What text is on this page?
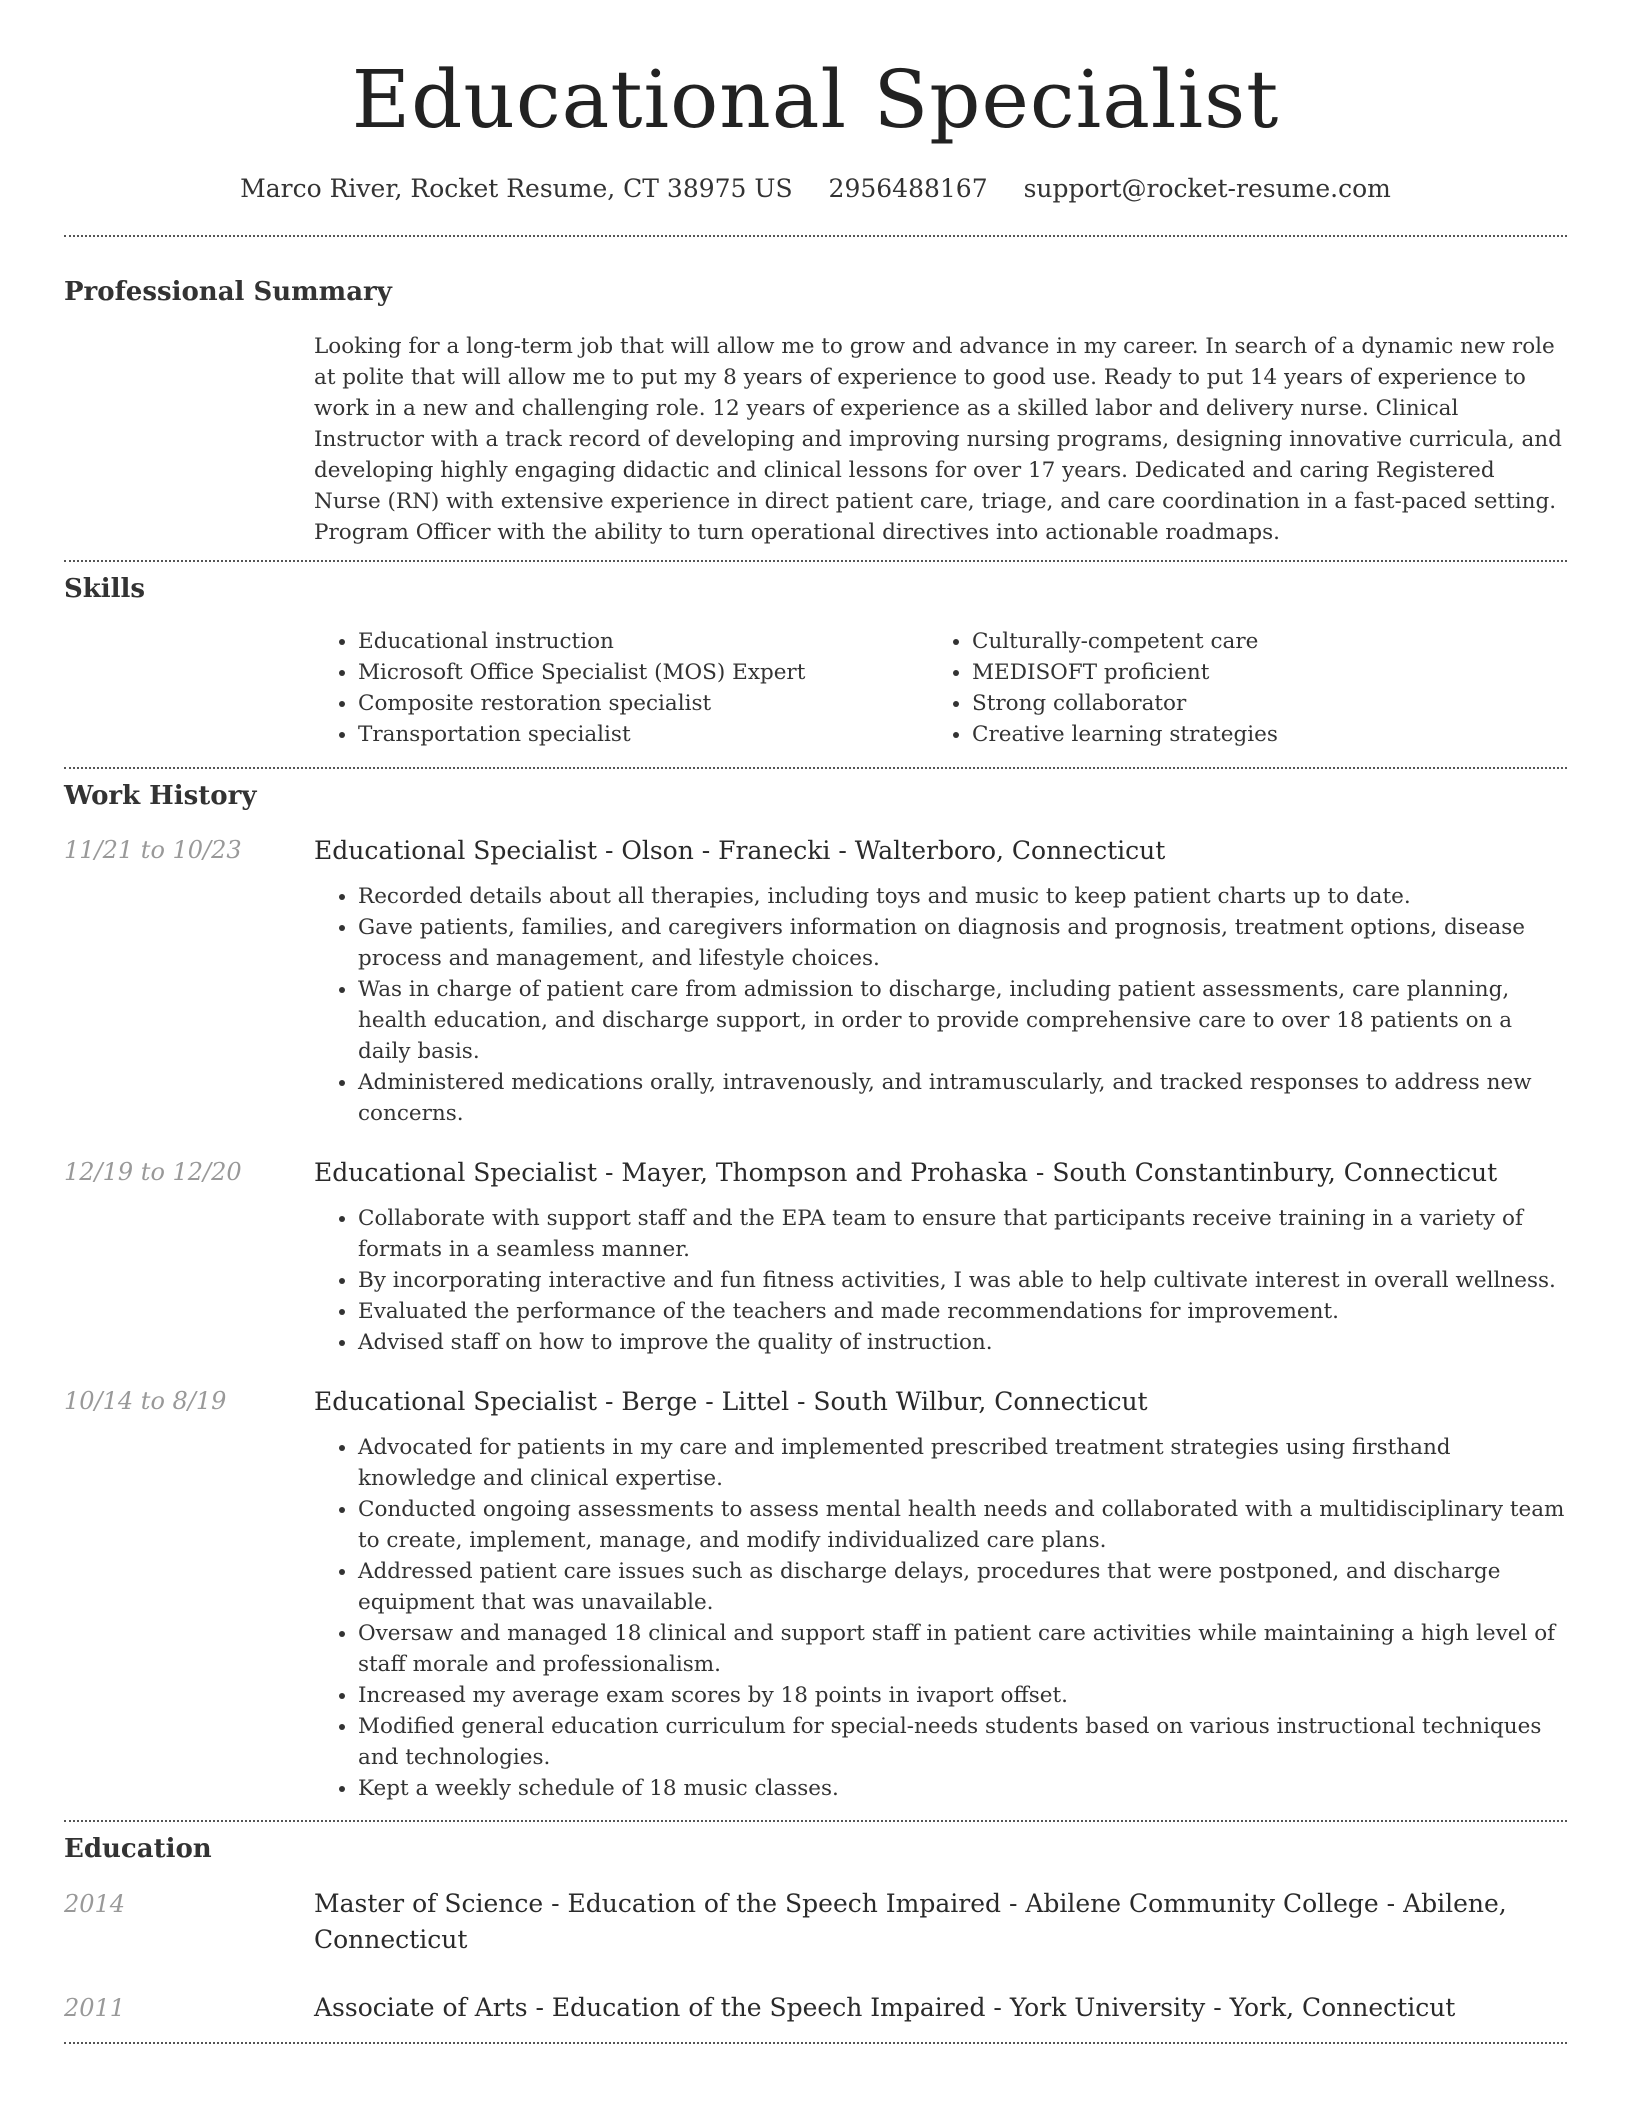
Educational Specialist
Marco River, Rocket Resume, CT 38975 US 2956488167 support@rocket-resume.com
Professional Summary
Looking for a long-term job that will allow me to grow and advance in my career. In search of a dynamic new role at polite that will allow me to put my 8 years of experience to good use. Ready to put 14 years of experience to work in a new and challenging role. 12 years of experience as a skilled labor and delivery nurse. Clinical Instructor with a track record of developing and improving nursing programs, designing innovative curricula, and developing highly engaging didactic and clinical lessons for over 17 years. Dedicated and caring Registered Nurse (RN) with extensive experience in direct patient care, triage, and care coordination in a fast-paced setting. Program Officer with the ability to turn operational directives into actionable roadmaps.
Skills
• Educational instruction
• Microsoft Office Specialist (MOS) Expert
• Composite restoration specialist
• Transportation specialist
• Culturally-competent care
• MEDISOFT proficient
• Strong collaborator
• Creative learning strategies
Work History
11/21 to 10/23	Educational Specialist - Olson - Franecki - Walterboro, Connecticut
• Recorded details about all therapies, including toys and music to keep patient charts up to date.
• Gave patients, families, and caregivers information on diagnosis and prognosis, treatment options, disease process and management, and lifestyle choices.
• Was in charge of patient care from admission to discharge, including patient assessments, care planning, health education, and discharge support, in order to provide comprehensive care to over 18 patients on a daily basis.
• Administered medications orally, intravenously, and intramuscularly, and tracked responses to address new concerns.
12/19 to 12/20	Educational Specialist - Mayer, Thompson and Prohaska - South Constantinbury, Connecticut
• Collaborate with support staff and the EPA team to ensure that participants receive training in a variety of formats in a seamless manner.
• By incorporating interactive and fun fitness activities, I was able to help cultivate interest in overall wellness.
• Evaluated the performance of the teachers and made recommendations for improvement.
• Advised staff on how to improve the quality of instruction.
10/14 to 8/19	Educational Specialist - Berge - Littel - South Wilbur, Connecticut
• Advocated for patients in my care and implemented prescribed treatment strategies using firsthand knowledge and clinical expertise.
• Conducted ongoing assessments to assess mental health needs and collaborated with a multidisciplinary team to create, implement, manage, and modify individualized care plans.
• Addressed patient care issues such as discharge delays, procedures that were postponed, and discharge equipment that was unavailable.
• Oversaw and managed 18 clinical and support staff in patient care activities while maintaining a high level of staff morale and professionalism.
• Increased my average exam scores by 18 points in ivaport offset.
• Modified general education curriculum for special-needs students based on various instructional techniques and technologies.
• Kept a weekly schedule of 18 music classes.
Education
2014	Master of Science - Education of the Speech Impaired - Abilene Community College - Abilene, Connecticut
2011	Associate of Arts - Education of the Speech Impaired - York University - York, Connecticut
